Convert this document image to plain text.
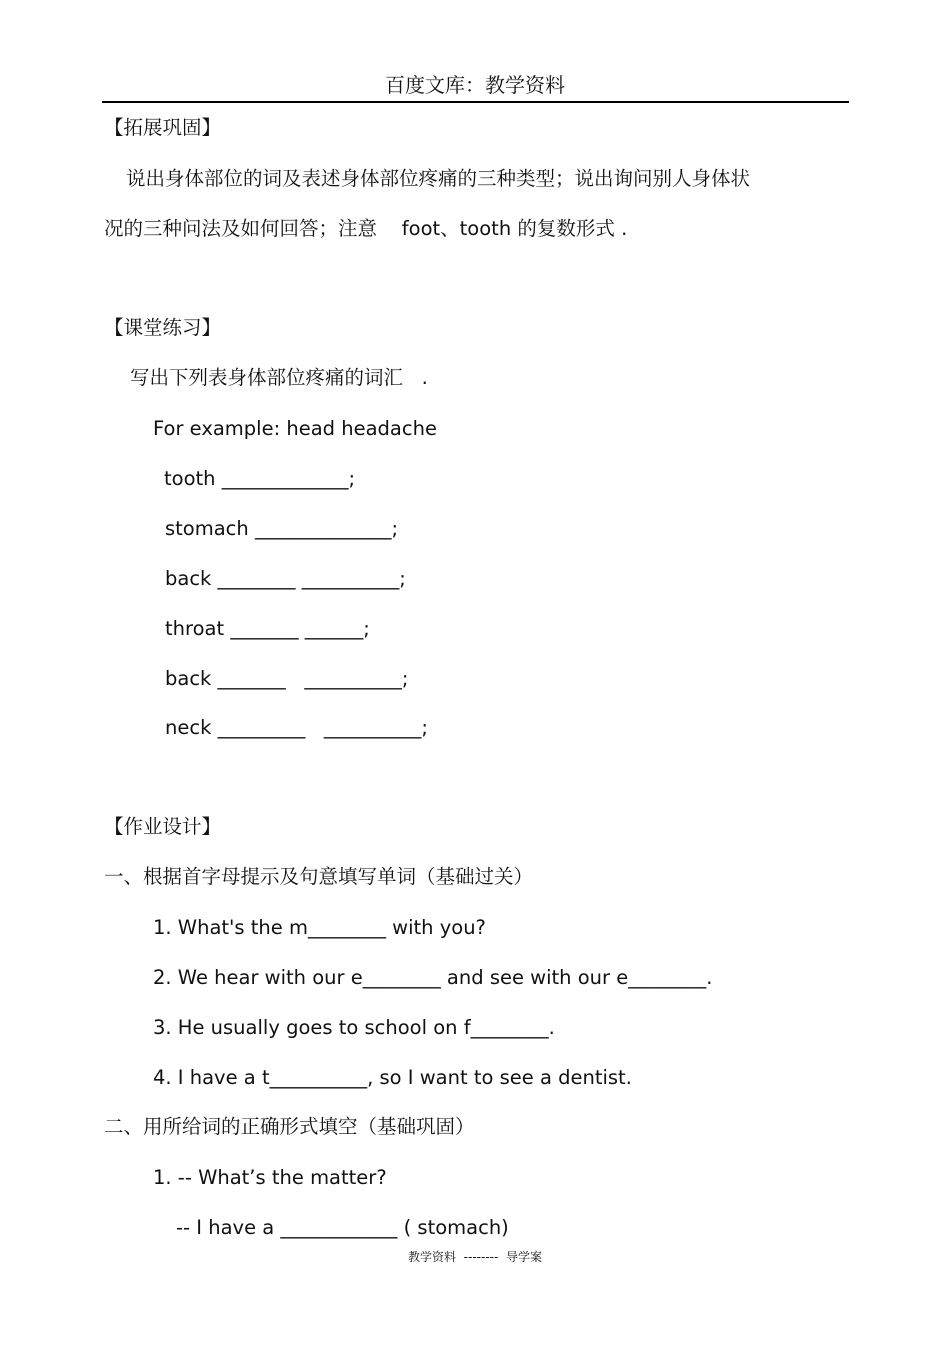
百度文库：教学资料
【拓展巩固】
说出身体部位的词及表述身体部位疼痛的三种类型；说出询问别人身体状
况的三种问法及如何回答；注意    foot、tooth 的复数形式 .
【课堂练习】
写出下列表身体部位疼痛的词汇   .
For example: head headache
tooth _____________;
stomach ______________;
back ________ __________;
throat _______ ______;
back _______   __________;
neck _________   __________;
【作业设计】
一、根据首字母提示及句意填写单词（基础过关）
1. What's the m________ with you?
2. We hear with our e________ and see with our e________.
3. He usually goes to school on f________.
4. I have a t__________, so I want to see a dentist.
二、用所给词的正确形式填空（基础巩固）
1. -- What’s the matter?
-- I have a ____________ ( stomach)
教学资料  --------  导学案
